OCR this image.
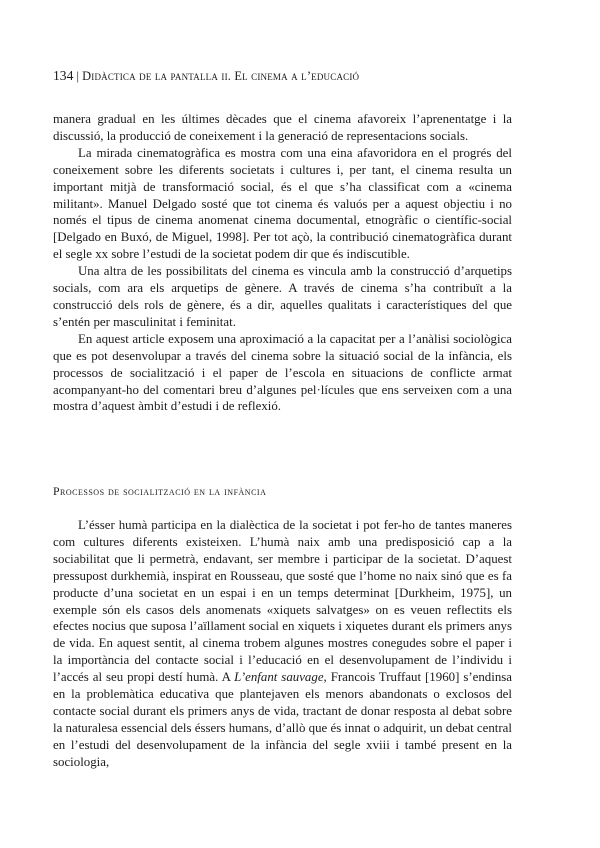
134 | Didàctica de la pantalla ii. El cinema a l’educació

manera gradual en les últimes dècades que el cinema afavoreix l’aprenentatge i la discussió, la producció de coneixement i la generació de representacions socials.

La mirada cinematogràfica es mostra com una eina afavoridora en el progrés del coneixement sobre les diferents societats i cultures i, per tant, el cinema resulta un important mitjà de transformació social, és el que s’ha classificat com a «cinema militant». Manuel Delgado sosté que tot cinema és valuós per a aquest objectiu i no només el tipus de cinema anomenat cinema documental, etnogràfic o científic-social [Delgado en Buxó, de Miguel, 1998]. Per tot açò, la contribució cinematogràfica durant el segle xx sobre l’estudi de la societat podem dir que és indiscutible.

Una altra de les possibilitats del cinema es vincula amb la construcció d’arquetips socials, com ara els arquetips de gènere. A través de cinema s’ha contribuït a la construcció dels rols de gènere, és a dir, aquelles qualitats i característiques del que s’entén per masculinitat i feminitat.

En aquest article exposem una aproximació a la capacitat per a l’anàlisi sociològica que es pot desenvolupar a través del cinema sobre la situació social de la infància, els processos de socialització i el paper de l’escola en situacions de conflicte armat acompanyant-ho del comentari breu d’algunes pel·lícules que ens serveixen com a una mostra d’aquest àmbit d’estudi i de reflexió.

Processos de socialització en la infància

L’ésser humà participa en la dialèctica de la societat i pot fer-ho de tantes maneres com cultures diferents existeixen. L’humà naix amb una predisposició cap a la sociabilitat que li permetrà, endavant, ser membre i participar de la societat. D’aquest pressupost durkhemià, inspirat en Rousseau, que sosté que l’home no naix sinó que es fa producte d’una societat en un espai i en un temps determinat [Durkheim, 1975], un exemple són els casos dels anomenats «xiquets salvatges» on es veuen reflectits els efectes nocius que suposa l’aïllament social en xiquets i xiquetes durant els primers anys de vida. En aquest sentit, al cinema trobem algunes mostres conegudes sobre el paper i la importància del contacte social i l’educació en el desenvolupament de l’individu i l’accés al seu propi destí humà. A L’enfant sauvage, Francois Truffaut [1960] s’endinsa en la problemàtica educativa que plantejaven els menors abandonats o exclosos del contacte social durant els primers anys de vida, tractant de donar resposta al debat sobre la naturalesa essencial dels éssers humans, d’allò que és innat o adquirit, un debat central en l’estudi del desenvolupament de la infància del segle xviii i també present en la sociologia,
